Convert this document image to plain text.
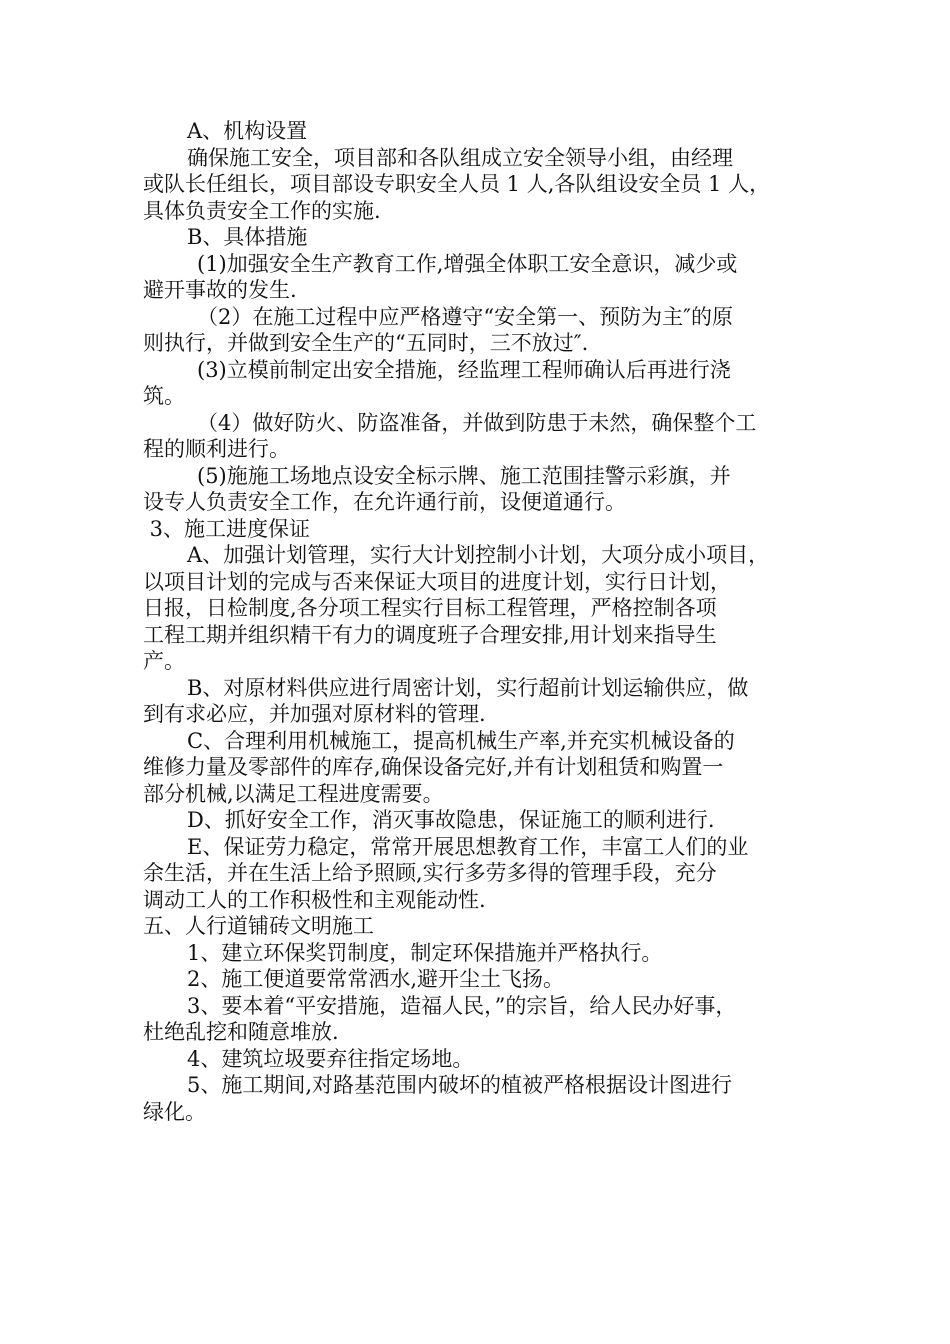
A、机构设置
确保施工安全，项目部和各队组成立安全领导小组，由经理
或队长任组长，项目部设专职安全人员 1 人,各队组设安全员 1 人，
具体负责安全工作的实施.
B、具体措施
(1)加强安全生产教育工作,增强全体职工安全意识，减少或
避开事故的发生.
（2）在施工过程中应严格遵守“安全第一、预防为主″的原
则执行，并做到安全生产的“五同时，三不放过″.
(3)立模前制定出安全措施，经监理工程师确认后再进行浇
筑。
（4）做好防火、防盗准备，并做到防患于未然，确保整个工
程的顺利进行。
(5)施施工场地点设安全标示牌、施工范围挂警示彩旗，并
设专人负责安全工作，在允许通行前，设便道通行。
3、施工进度保证
A、加强计划管理，实行大计划控制小计划，大项分成小项目，
以项目计划的完成与否来保证大项目的进度计划，实行日计划，
日报，日检制度,各分项工程实行目标工程管理，严格控制各项
工程工期并组织精干有力的调度班子合理安排,用计划来指导生
产。
B、对原材料供应进行周密计划，实行超前计划运输供应，做
到有求必应，并加强对原材料的管理.
C、合理利用机械施工，提高机械生产率,并充实机械设备的
维修力量及零部件的库存,确保设备完好,并有计划租赁和购置一
部分机械,以满足工程进度需要。
D、抓好安全工作，消灭事故隐患，保证施工的顺利进行.
E、保证劳力稳定，常常开展思想教育工作，丰富工人们的业
余生活，并在生活上给予照顾,实行多劳多得的管理手段，充分
调动工人的工作积极性和主观能动性.
五、人行道铺砖文明施工
1、建立环保奖罚制度，制定环保措施并严格执行。
2、施工便道要常常洒水,避开尘土飞扬。
3、要本着“平安措施，造福人民，”的宗旨，给人民办好事，
杜绝乱挖和随意堆放.
4、建筑垃圾要弃往指定场地。
5、施工期间,对路基范围内破坏的植被严格根据设计图进行
绿化。
